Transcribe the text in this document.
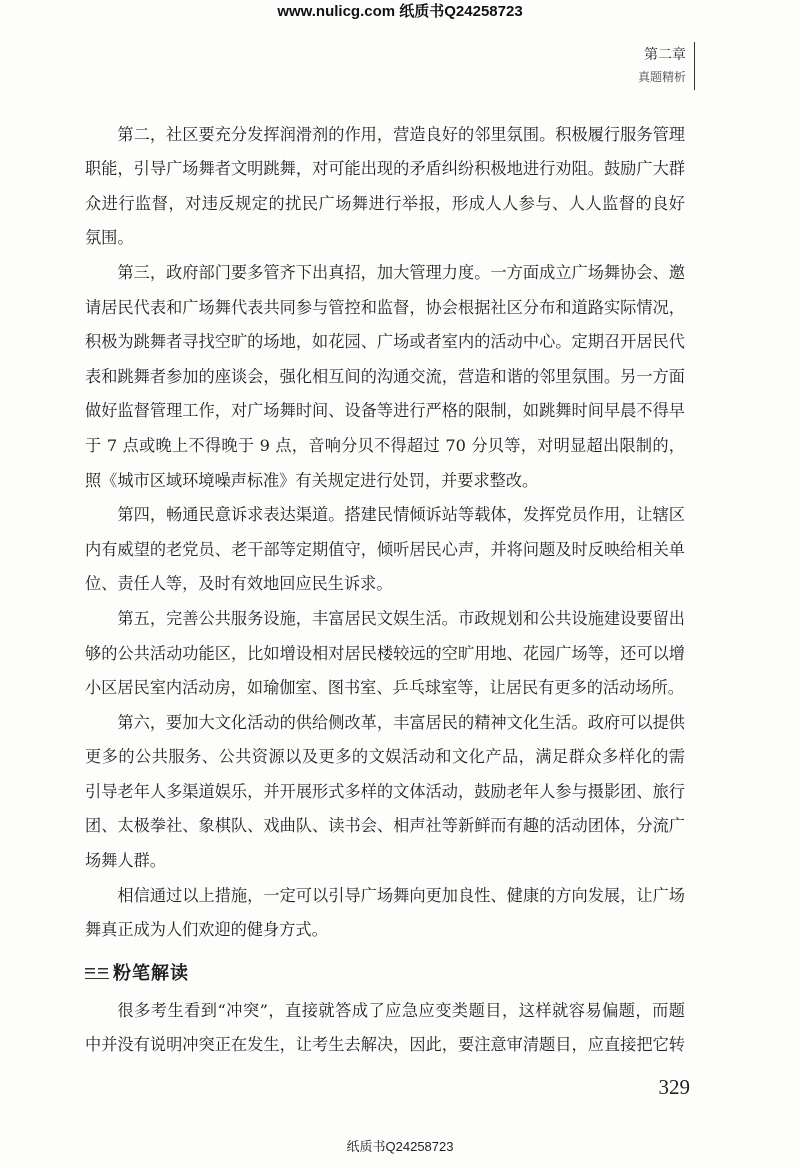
www.nulicg.com 纸质书Q24258723
第二章
真题精析
第二，社区要充分发挥润滑剂的作用，营造良好的邻里氛围。积极履行服务管理
职能，引导广场舞者文明跳舞，对可能出现的矛盾纠纷积极地进行劝阻。鼓励广大群
众进行监督，对违反规定的扰民广场舞进行举报，形成人人参与、人人监督的良好
氛围。
第三，政府部门要多管齐下出真招，加大管理力度。一方面成立广场舞协会、邀
请居民代表和广场舞代表共同参与管控和监督，协会根据社区分布和道路实际情况，
积极为跳舞者寻找空旷的场地，如花园、广场或者室内的活动中心。定期召开居民代
表和跳舞者参加的座谈会，强化相互间的沟通交流，营造和谐的邻里氛围。另一方面
做好监督管理工作，对广场舞时间、设备等进行严格的限制，如跳舞时间早晨不得早
于 7 点或晚上不得晚于 9 点，音响分贝不得超过 70 分贝等，对明显超出限制的，
照《城市区域环境噪声标准》有关规定进行处罚，并要求整改。
第四，畅通民意诉求表达渠道。搭建民情倾诉站等载体，发挥党员作用，让辖区
内有威望的老党员、老干部等定期值守，倾听居民心声，并将问题及时反映给相关单
位、责任人等，及时有效地回应民生诉求。
第五，完善公共服务设施，丰富居民文娱生活。市政规划和公共设施建设要留出
够的公共活动功能区，比如增设相对居民楼较远的空旷用地、花园广场等，还可以增
小区居民室内活动房，如瑜伽室、图书室、乒乓球室等，让居民有更多的活动场所。
第六，要加大文化活动的供给侧改革，丰富居民的精神文化生活。政府可以提供
更多的公共服务、公共资源以及更多的文娱活动和文化产品，满足群众多样化的需
引导老年人多渠道娱乐，并开展形式多样的文体活动，鼓励老年人参与摄影团、旅行
团、太极拳社、象棋队、戏曲队、读书会、相声社等新鲜而有趣的活动团体，分流广
场舞人群。
相信通过以上措施，一定可以引导广场舞向更加良性、健康的方向发展，让广场
舞真正成为人们欢迎的健身方式。
粉笔解读
很多考生看到“冲突”，直接就答成了应急应变类题目，这样就容易偏题，而题
中并没有说明冲突正在发生，让考生去解决，因此，要注意审清题目，应直接把它转
329
纸质书Q24258723
